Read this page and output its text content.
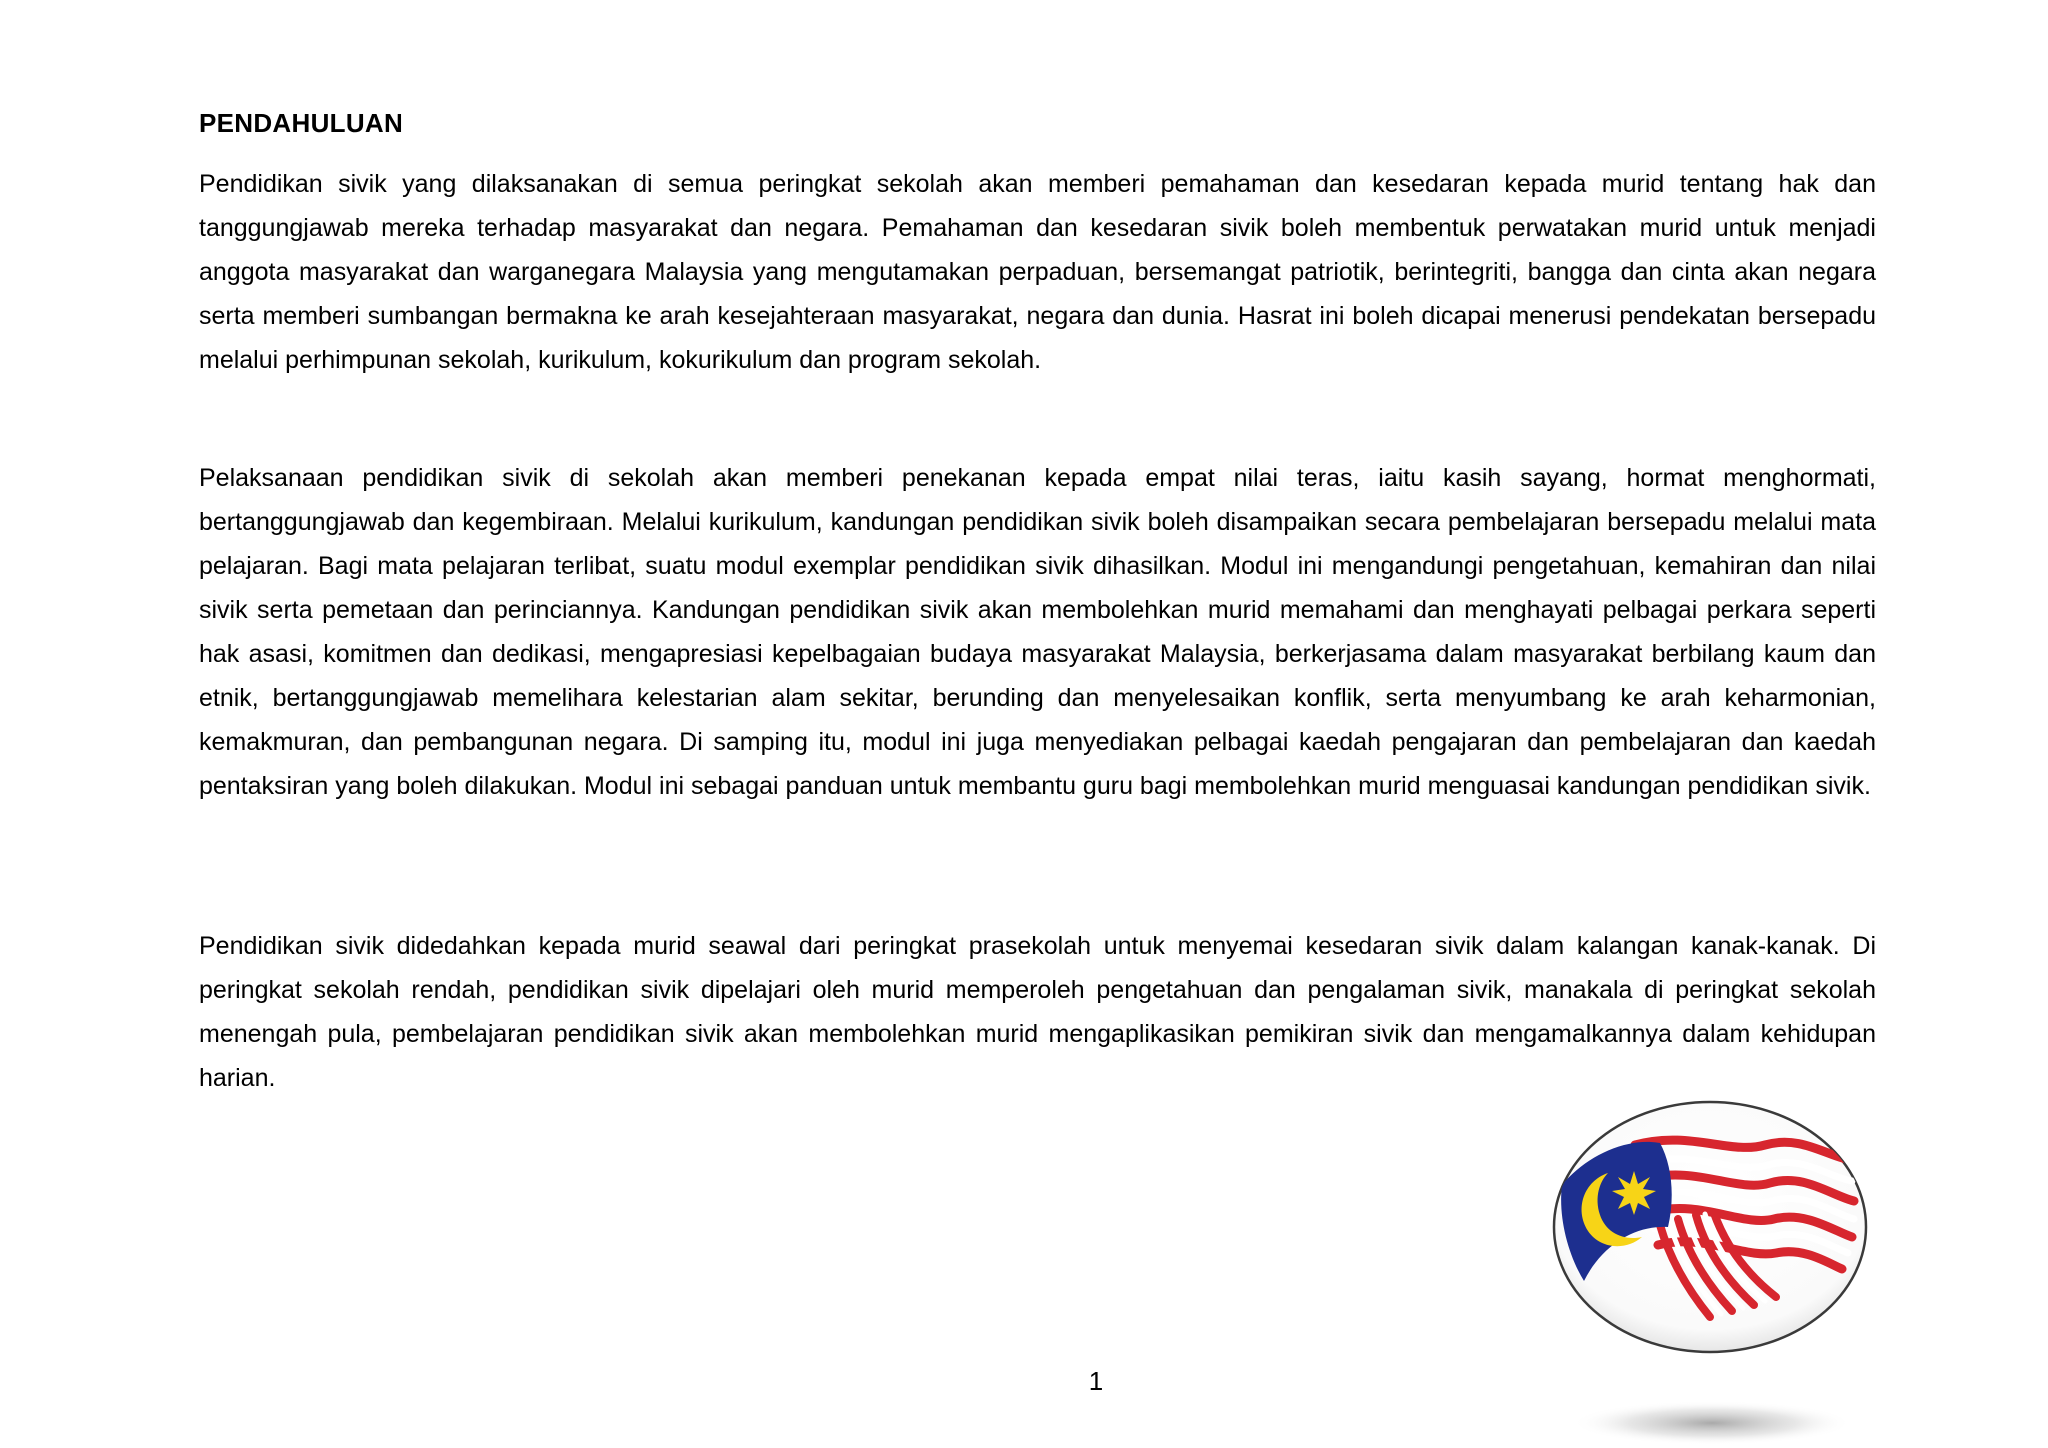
PENDAHULUAN

Pendidikan sivik yang dilaksanakan di semua peringkat sekolah akan memberi pemahaman dan kesedaran kepada murid tentang hak dan tanggungjawab mereka terhadap masyarakat dan negara. Pemahaman dan kesedaran sivik boleh membentuk perwatakan murid untuk menjadi anggota masyarakat dan warganegara Malaysia yang mengutamakan perpaduan, bersemangat patriotik, berintegriti, bangga dan cinta akan negara serta memberi sumbangan bermakna ke arah kesejahteraan masyarakat, negara dan dunia. Hasrat ini boleh dicapai menerusi pendekatan bersepadu melalui perhimpunan sekolah, kurikulum, kokurikulum dan program sekolah.

Pelaksanaan pendidikan sivik di sekolah akan memberi penekanan kepada empat nilai teras, iaitu kasih sayang, hormat menghormati, bertanggungjawab dan kegembiraan. Melalui kurikulum, kandungan pendidikan sivik boleh disampaikan secara pembelajaran bersepadu melalui mata pelajaran. Bagi mata pelajaran terlibat, suatu modul exemplar pendidikan sivik dihasilkan. Modul ini mengandungi pengetahuan, kemahiran dan nilai sivik serta pemetaan dan perinciannya. Kandungan pendidikan sivik akan membolehkan murid memahami dan menghayati pelbagai perkara seperti hak asasi, komitmen dan dedikasi, mengapresiasi kepelbagaian budaya masyarakat Malaysia, berkerjasama dalam masyarakat berbilang kaum dan etnik, bertanggungjawab memelihara kelestarian alam sekitar, berunding dan menyelesaikan konflik, serta menyumbang ke arah keharmonian, kemakmuran, dan pembangunan negara. Di samping itu, modul ini juga menyediakan pelbagai kaedah pengajaran dan pembelajaran dan kaedah pentaksiran yang boleh dilakukan. Modul ini sebagai panduan untuk membantu guru bagi membolehkan murid menguasai kandungan pendidikan sivik.

Pendidikan sivik didedahkan kepada murid seawal dari peringkat prasekolah untuk menyemai kesedaran sivik dalam kalangan kanak-kanak. Di peringkat sekolah rendah, pendidikan sivik dipelajari oleh murid memperoleh pengetahuan dan pengalaman sivik, manakala di peringkat sekolah menengah pula, pembelajaran pendidikan sivik akan membolehkan murid mengaplikasikan pemikiran sivik dan mengamalkannya dalam kehidupan harian.

1
